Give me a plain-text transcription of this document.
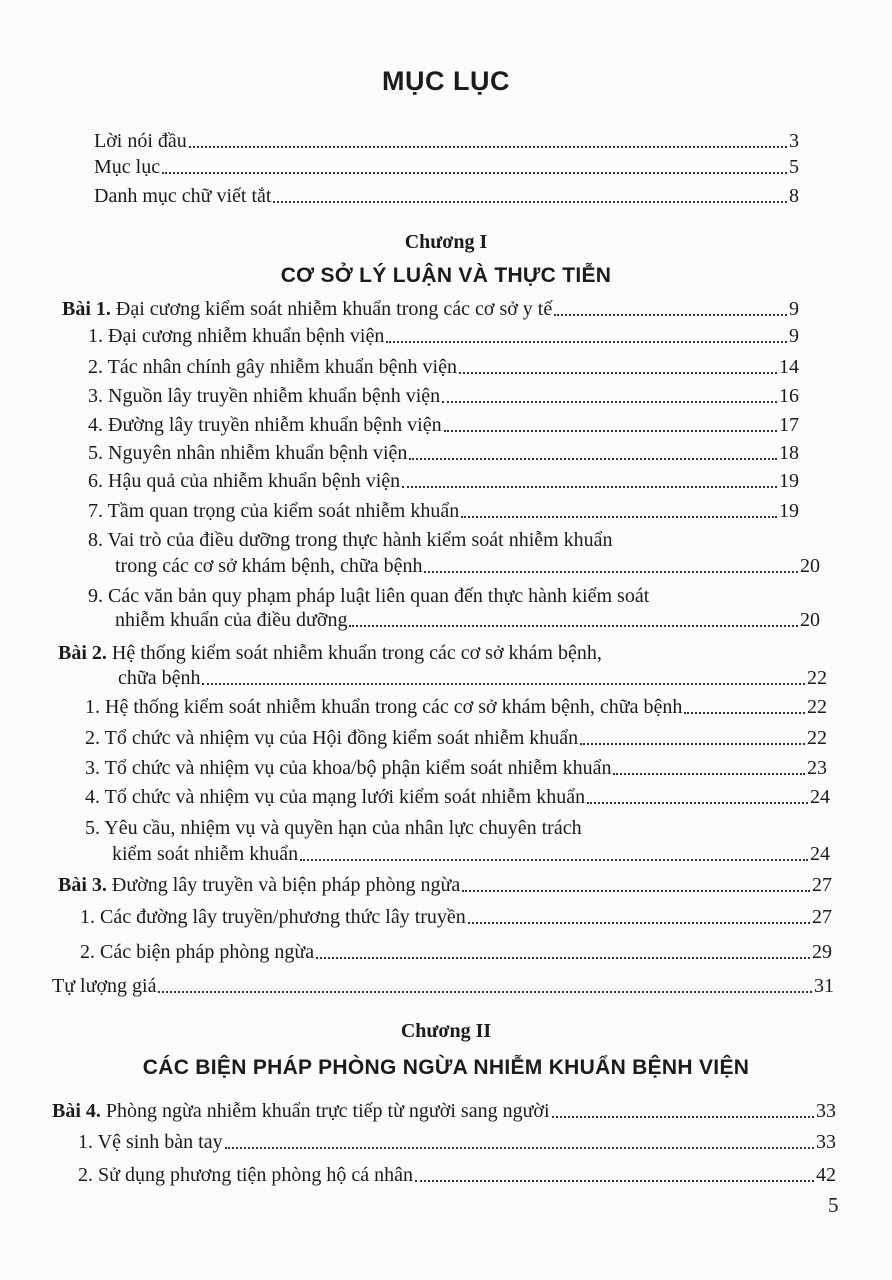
MỤC LỤC
Lời nói đầu	3
Mục lục	5
Danh mục chữ viết tắt	8
Chương I
CƠ SỞ LÝ LUẬN VÀ THỰC TIỄN
Bài 1. Đại cương kiểm soát nhiễm khuẩn trong các cơ sở y tế	9
1. Đại cương nhiễm khuẩn bệnh viện	9
2. Tác nhân chính gây nhiễm khuẩn bệnh viện	14
3. Nguồn lây truyền nhiễm khuẩn bệnh viện	16
4. Đường lây truyền nhiễm khuẩn bệnh viện	17
5. Nguyên nhân nhiễm khuẩn bệnh viện	18
6. Hậu quả của nhiễm khuẩn bệnh viện	19
7. Tầm quan trọng của kiểm soát nhiễm khuẩn	19
8. Vai trò của điều dưỡng trong thực hành kiểm soát nhiễm khuẩn
trong các cơ sở khám bệnh, chữa bệnh	20
9. Các văn bản quy phạm pháp luật liên quan đến thực hành kiểm soát
nhiễm khuẩn của điều dưỡng	20
Bài 2. Hệ thống kiểm soát nhiễm khuẩn trong các cơ sở khám bệnh,
chữa bệnh	22
1. Hệ thống kiểm soát nhiễm khuẩn trong các cơ sở khám bệnh, chữa bệnh	22
2. Tổ chức và nhiệm vụ của Hội đồng kiểm soát nhiễm khuẩn	22
3. Tổ chức và nhiệm vụ của khoa/bộ phận kiểm soát nhiễm khuẩn	23
4. Tổ chức và nhiệm vụ của mạng lưới kiểm soát nhiễm khuẩn	24
5. Yêu cầu, nhiệm vụ và quyền hạn của nhân lực chuyên trách
kiểm soát nhiễm khuẩn	24
Bài 3. Đường lây truyền và biện pháp phòng ngừa	27
1. Các đường lây truyền/phương thức lây truyền	27
2. Các biện pháp phòng ngừa	29
Tự lượng giá	31
Chương II
CÁC BIỆN PHÁP PHÒNG NGỪA NHIỄM KHUẨN BỆNH VIỆN
Bài 4. Phòng ngừa nhiễm khuẩn trực tiếp từ người sang người	33
1. Vệ sinh bàn tay	33
2. Sử dụng phương tiện phòng hộ cá nhân	42
5
